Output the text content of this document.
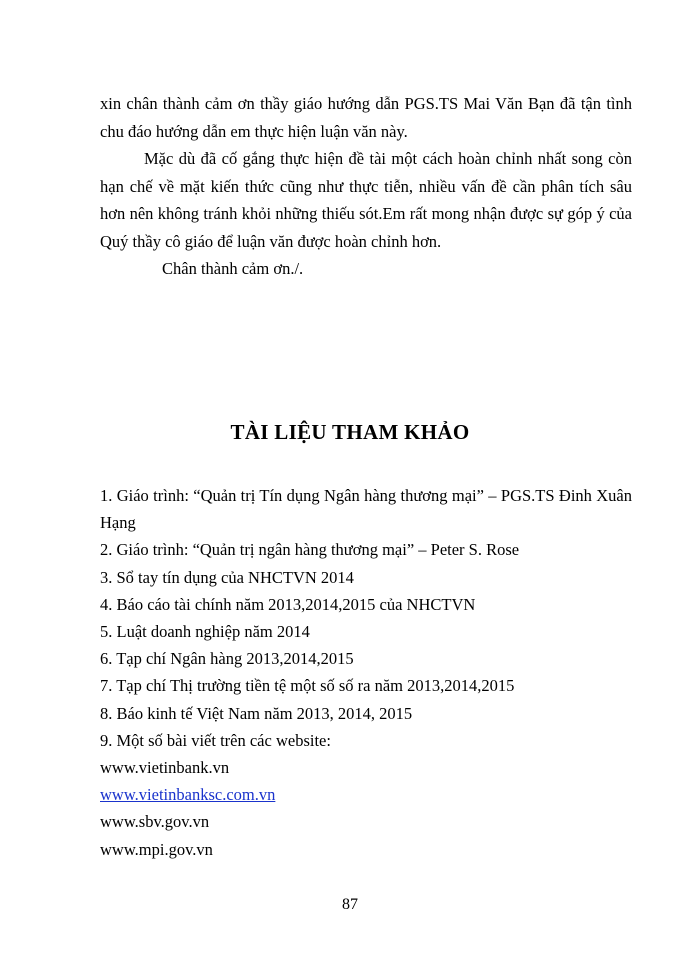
xin chân thành cảm ơn thầy giáo hướng dẫn PGS.TS Mai Văn Bạn đã tận tình chu đáo hướng dẫn em thực hiện luận văn này.

Mặc dù đã cố gắng thực hiện đề tài một cách hoàn chỉnh nhất song còn hạn chế về mặt kiến thức cũng như thực tiễn, nhiều vấn đề cần phân tích sâu hơn nên không tránh khỏi những thiếu sót.Em rất mong nhận được sự góp ý của Quý thầy cô giáo để luận văn được hoàn chỉnh hơn.

Chân thành cảm ơn./.

TÀI LIỆU THAM KHẢO
1. Giáo trình: “Quản trị Tín dụng Ngân hàng thương mại” – PGS.TS Đinh Xuân Hạng
2. Giáo trình: “Quản trị ngân hàng thương mại” – Peter S. Rose
3. Sổ tay tín dụng của NHCTVN 2014
4. Báo cáo tài chính năm 2013,2014,2015 của NHCTVN
5. Luật doanh nghiệp năm 2014
6. Tạp chí Ngân hàng 2013,2014,2015
7. Tạp chí Thị trường tiền tệ một số số ra năm 2013,2014,2015
8. Báo kinh tế Việt Nam năm 2013, 2014, 2015
9. Một số bài viết trên các website:
www.vietinbank.vn
www.vietinbanksc.com.vn
www.sbv.gov.vn
www.mpi.gov.vn
87
